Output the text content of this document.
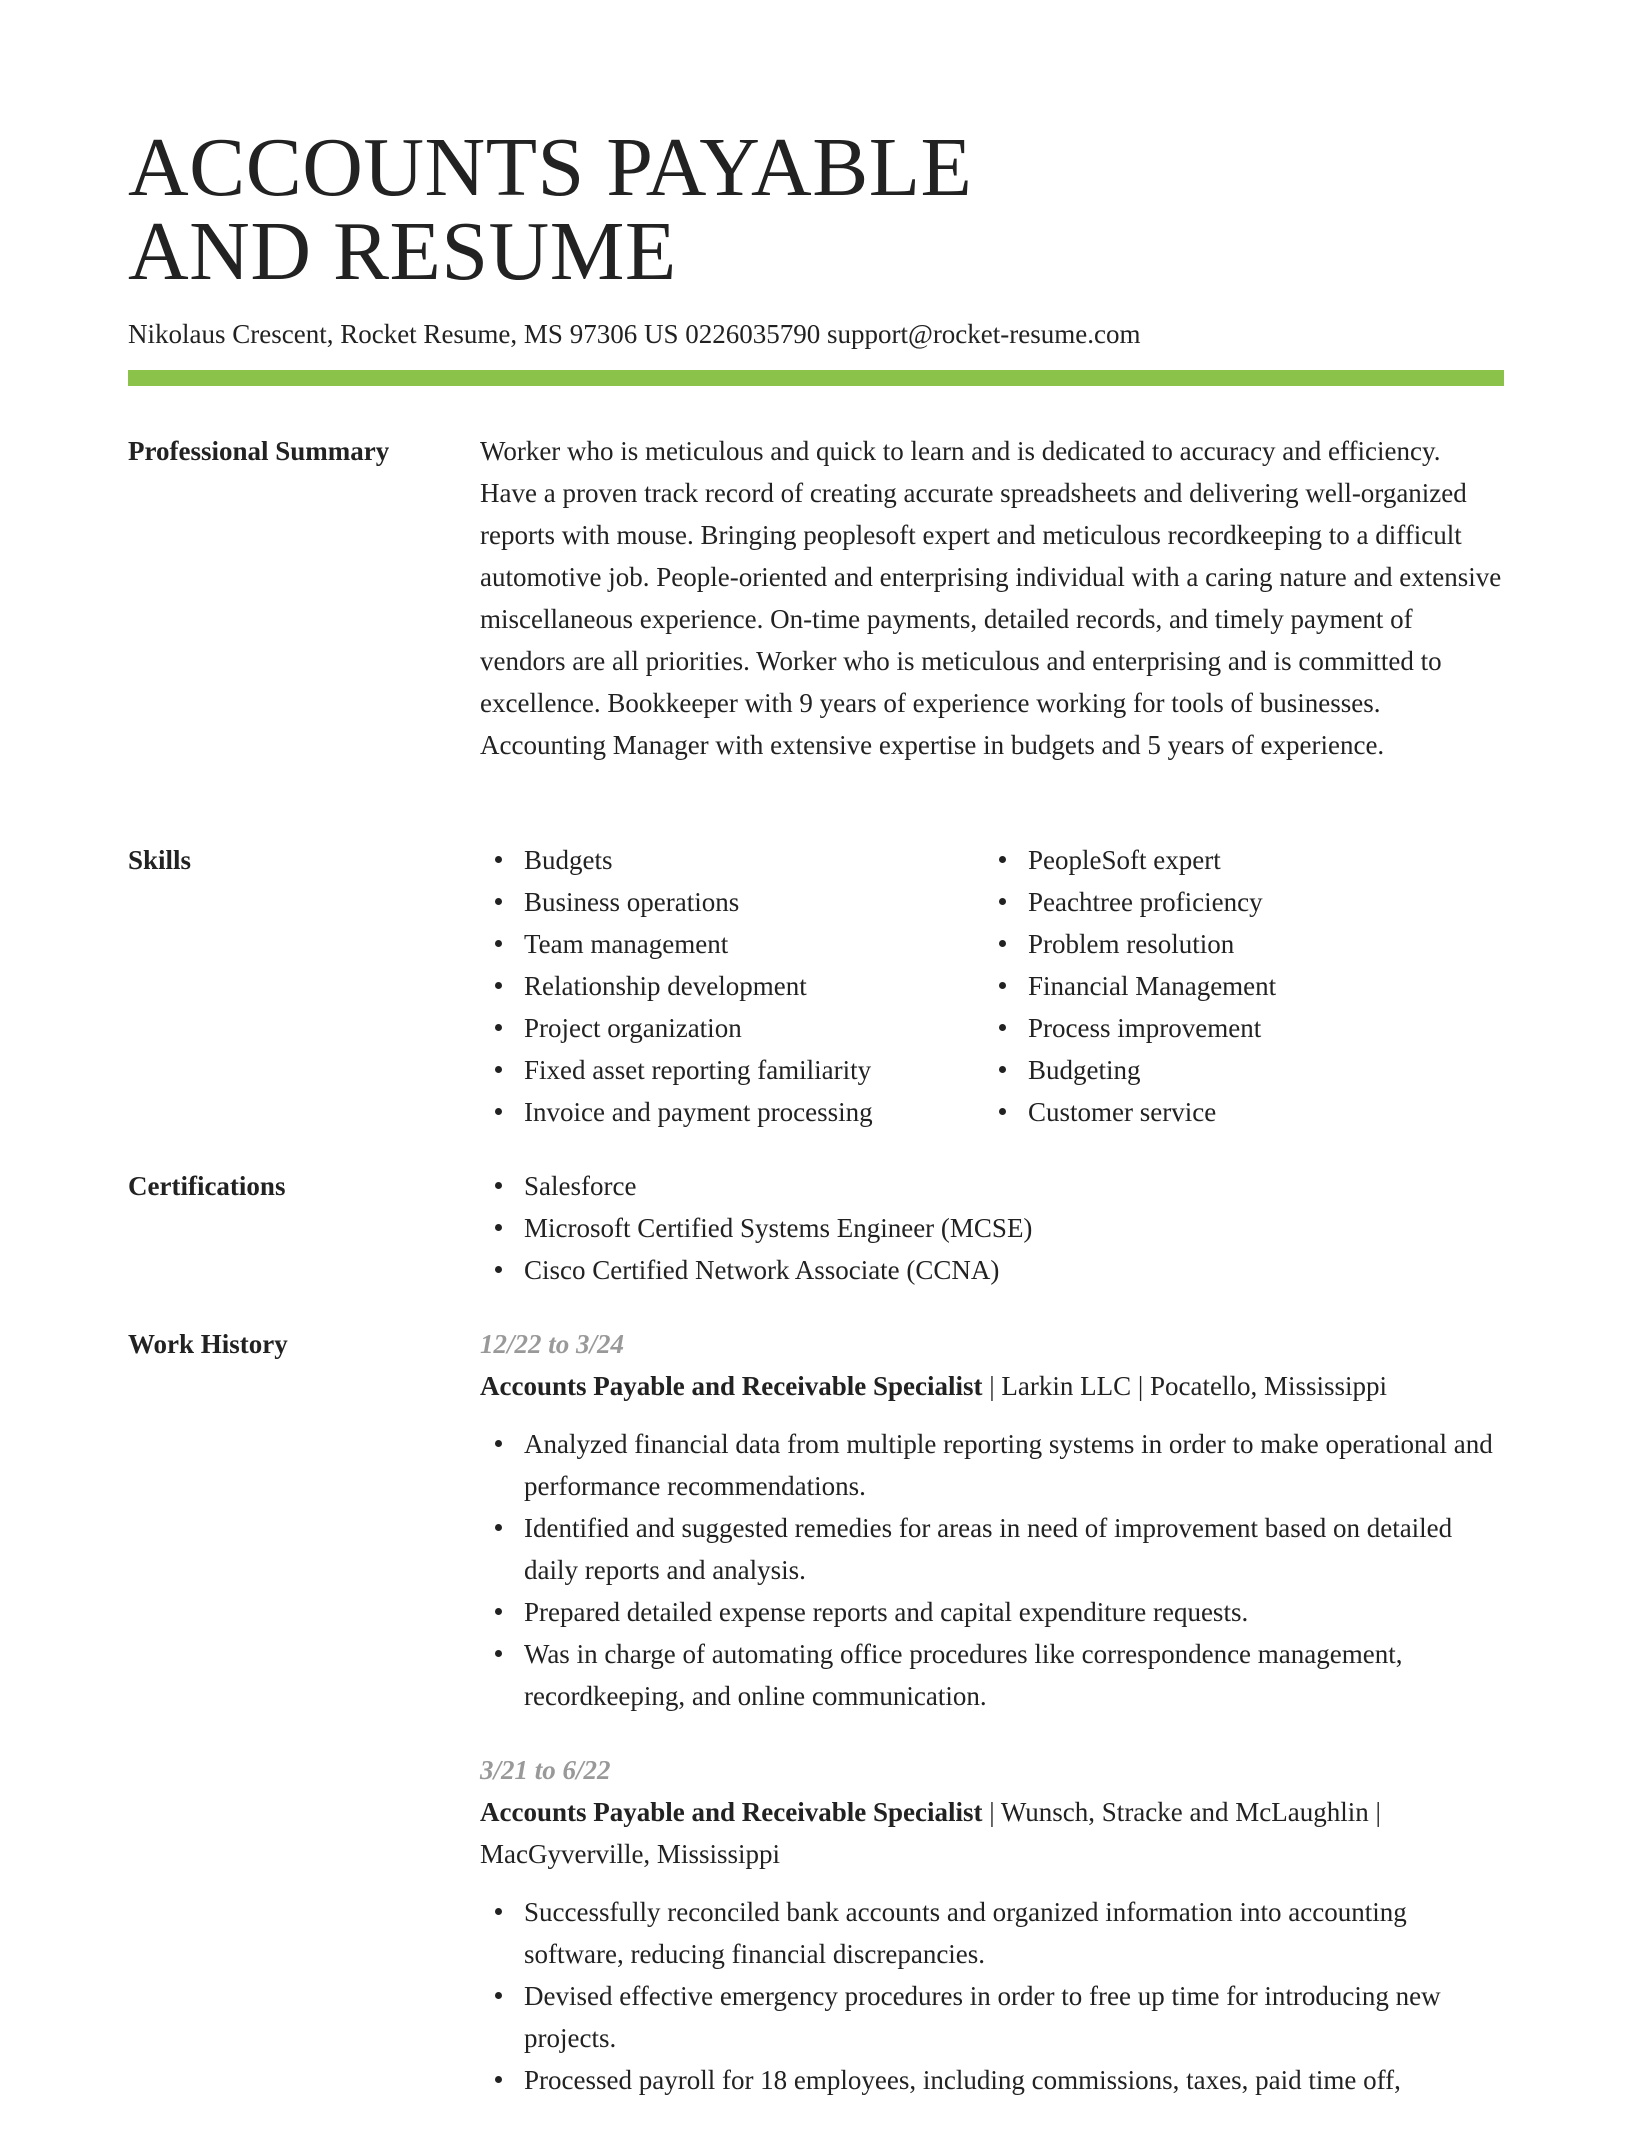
ACCOUNTS PAYABLE
AND RESUME
Nikolaus Crescent, Rocket Resume, MS 97306 US 0226035790 support@rocket-resume.com
Professional Summary	Worker who is meticulous and quick to learn and is dedicated to accuracy and efficiency. Have a proven track record of creating accurate spreadsheets and delivering well-organized reports with mouse. Bringing peoplesoft expert and meticulous recordkeeping to a difficult automotive job. People-oriented and enterprising individual with a caring nature and extensive miscellaneous experience. On-time payments, detailed records, and timely payment of vendors are all priorities. Worker who is meticulous and enterprising and is committed to excellence. Bookkeeper with 9 years of experience working for tools of businesses. Accounting Manager with extensive expertise in budgets and 5 years of experience.

Skills	Budgets
Business operations
Team management
Relationship development
Project organization
Fixed asset reporting familiarity
Invoice and payment processing
PeopleSoft expert
Peachtree proficiency
Problem resolution
Financial Management
Process improvement
Budgeting
Customer service
Certifications	Salesforce
Microsoft Certified Systems Engineer (MCSE)
Cisco Certified Network Associate (CCNA)
Work History	12/22 to 3/24
Accounts Payable and Receivable Specialist | Larkin LLC | Pocatello, Mississippi
Analyzed financial data from multiple reporting systems in order to make operational and performance recommendations.
Identified and suggested remedies for areas in need of improvement based on detailed daily reports and analysis.
Prepared detailed expense reports and capital expenditure requests.
Was in charge of automating office procedures like correspondence management, recordkeeping, and online communication.
3/21 to 6/22
Accounts Payable and Receivable Specialist | Wunsch, Stracke and McLaughlin | MacGyverville, Mississippi
Successfully reconciled bank accounts and organized information into accounting software, reducing financial discrepancies.
Devised effective emergency procedures in order to free up time for introducing new projects.
Processed payroll for 18 employees, including commissions, taxes, paid time off,
